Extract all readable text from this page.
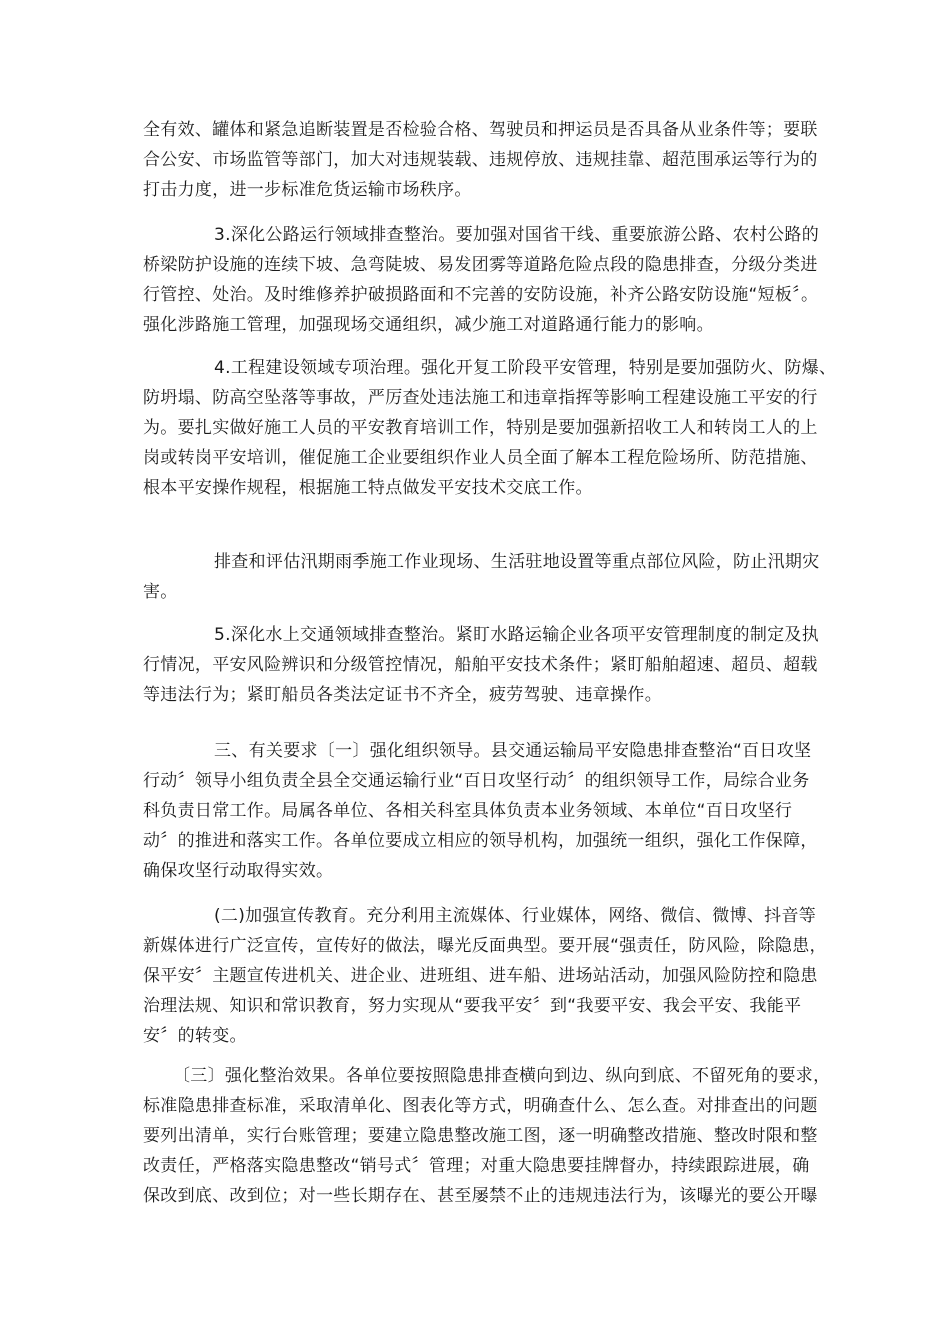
全有效、罐体和紧急追断装置是否检验合格、驾驶员和押运员是否具备从业条件等；要联
合公安、市场监管等部门，加大对违规装载、违规停放、违规挂靠、超范围承运等行为的
打击力度，进一步标准危货运输市场秩序。
3.深化公路运行领域排查整治。要加强对国省干线、重要旅游公路、农村公路的
桥梁防护设施的连续下坡、急弯陡坡、易发团雾等道路危险点段的隐患排查，分级分类进
行管控、处治。及时维修养护破损路面和不完善的安防设施，补齐公路安防设施“短板〞。
强化涉路施工管理，加强现场交通组织，减少施工对道路通行能力的影响。
4.工程建设领域专项治理。强化开复工阶段平安管理，特别是要加强防火、防爆、
防坍塌、防高空坠落等事故，严厉查处违法施工和违章指挥等影响工程建设施工平安的行
为。要扎实做好施工人员的平安教育培训工作，特别是要加强新招收工人和转岗工人的上
岗或转岗平安培训，催促施工企业要组织作业人员全面了解本工程危险场所、防范措施、
根本平安操作规程，根据施工特点做发平安技术交底工作。
排查和评估汛期雨季施工作业现场、生活驻地设置等重点部位风险，防止汛期灾
害。
5.深化水上交通领域排查整治。紧盯水路运输企业各项平安管理制度的制定及执
行情况，平安风险辨识和分级管控情况，船舶平安技术条件；紧盯船舶超速、超员、超载
等违法行为；紧盯船员各类法定证书不齐全，疲劳驾驶、违章操作。
三、有关要求〔一〕强化组织领导。县交通运输局平安隐患排查整治“百日攻坚
行动〞领导小组负责全县全交通运输行业“百日攻坚行动〞的组织领导工作，局综合业务
科负责日常工作。局属各单位、各相关科室具体负责本业务领域、本单位“百日攻坚行
动〞的推进和落实工作。各单位要成立相应的领导机构，加强统一组织，强化工作保障，
确保攻坚行动取得实效。
(二)加强宣传教育。充分利用主流媒体、行业媒体，网络、微信、微博、抖音等
新媒体进行广泛宣传，宣传好的做法，曝光反面典型。要开展“强责任，防风险，除隐患，
保平安〞主题宣传进机关、进企业、进班组、进车船、进场站活动，加强风险防控和隐患
治理法规、知识和常识教育，努力实现从“要我平安〞到“我要平安、我会平安、我能平
安〞的转变。
〔三〕强化整治效果。各单位要按照隐患排查横向到边、纵向到底、不留死角的要求，
标准隐患排查标准，采取清单化、图表化等方式，明确查什么、怎么查。对排查出的问题
要列出清单，实行台账管理；要建立隐患整改施工图，逐一明确整改措施、整改时限和整
改责任，严格落实隐患整改“销号式〞管理；对重大隐患要挂牌督办，持续跟踪进展，确
保改到底、改到位；对一些长期存在、甚至屡禁不止的违规违法行为，该曝光的要公开曝
